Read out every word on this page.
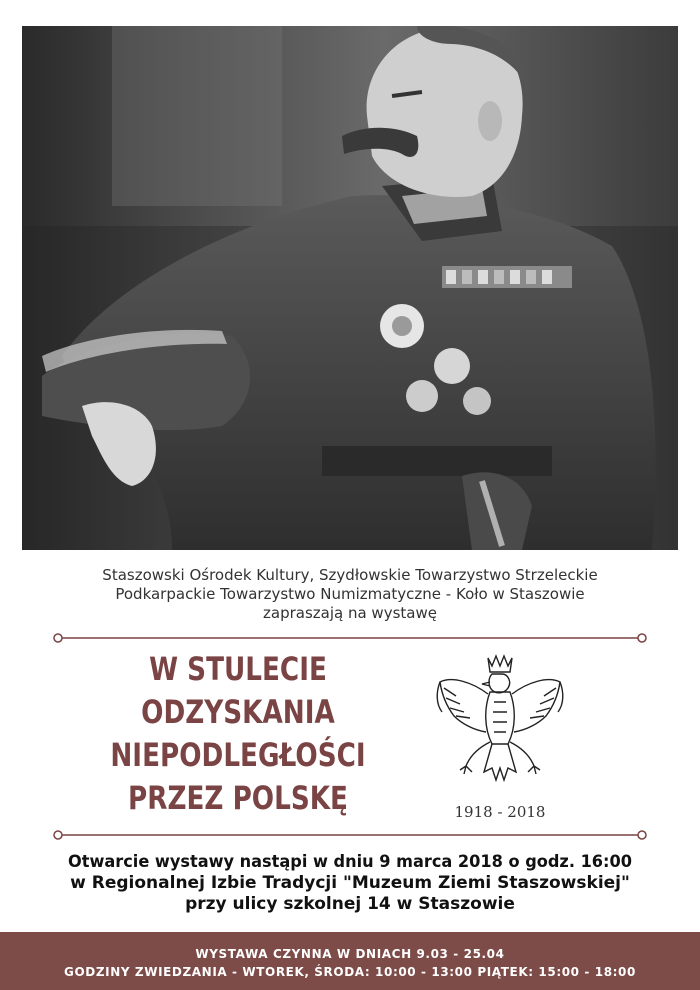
Staszowski Ośrodek Kultury, Szydłowskie Towarzystwo Strzeleckie
Podkarpackie Towarzystwo Numizmatyczne - Koło w Staszowie
zapraszają na wystawę
W STULECIE
ODZYSKANIA
NIEPODLEGŁOŚCI
PRZEZ POLSKĘ	1918 - 2018
Otwarcie wystawy nastąpi w dniu 9 marca 2018 o godz. 16:00
w Regionalnej Izbie Tradycji "Muzeum Ziemi Staszowskiej"
przy ulicy szkolnej 14 w Staszowie
WYSTAWA CZYNNA W DNIACH 9.03 - 25.04
GODZINY ZWIEDZANIA - WTOREK, ŚRODA: 10:00 - 13:00 PIĄTEK: 15:00 - 18:00
